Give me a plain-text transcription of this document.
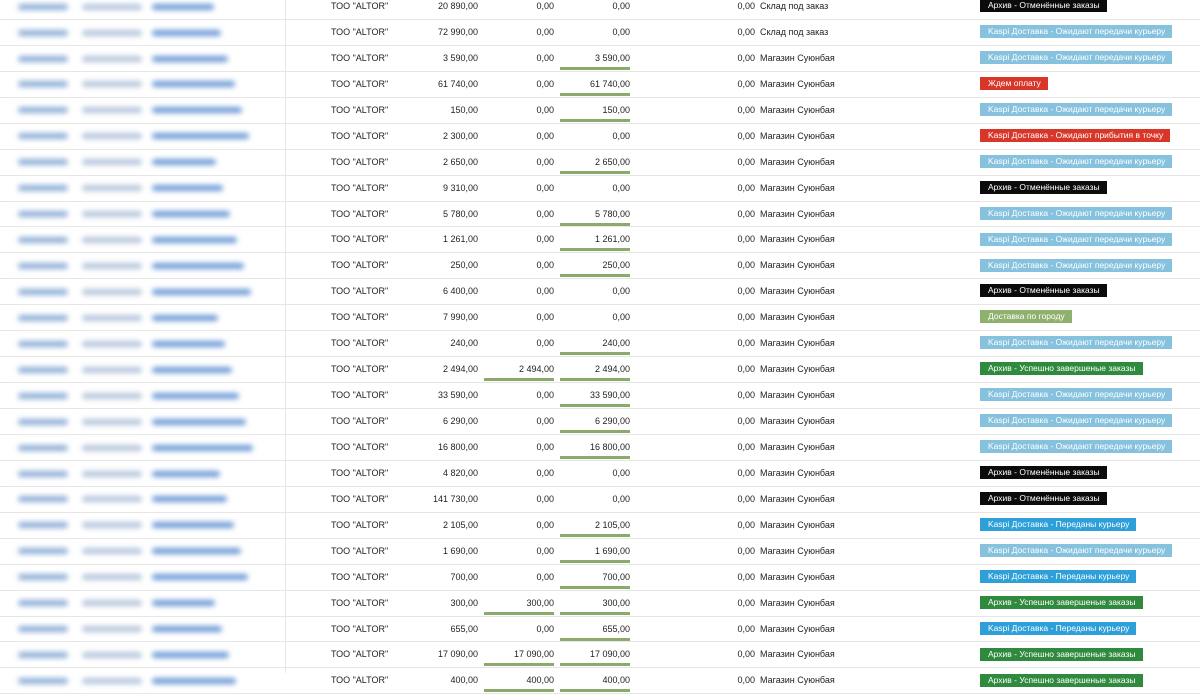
ТОО "ALTOR"	20 890,00	0,00	0,00	0,00 Склад под заказ	Архив - Отменённые заказы
ТОО "ALTOR"	72 990,00	0,00	0,00	0,00 Склад под заказ	Kaspi Доставка - Ожидают передачи курьеру
ТОО "ALTOR"	3 590,00	0,00	3 590,00	0,00 Магазин Суюнбая	Kaspi Доставка - Ожидают передачи курьеру
ТОО "ALTOR"	61 740,00	0,00	61 740,00	0,00 Магазин Суюнбая	Ждем оплату
ТОО "ALTOR"	150,00	0,00	150,00	0,00 Магазин Суюнбая	Kaspi Доставка - Ожидают передачи курьеру
ТОО "ALTOR"	2 300,00	0,00	0,00	0,00 Магазин Суюнбая	Kaspi Доставка - Ожидают прибытия в точку
ТОО "ALTOR"	2 650,00	0,00	2 650,00	0,00 Магазин Суюнбая	Kaspi Доставка - Ожидают передачи курьеру
ТОО "ALTOR"	9 310,00	0,00	0,00	0,00 Магазин Суюнбая	Архив - Отменённые заказы
ТОО "ALTOR"	5 780,00	0,00	5 780,00	0,00 Магазин Суюнбая	Kaspi Доставка - Ожидают передачи курьеру
ТОО "ALTOR"	1 261,00	0,00	1 261,00	0,00 Магазин Суюнбая	Kaspi Доставка - Ожидают передачи курьеру
ТОО "ALTOR"	250,00	0,00	250,00	0,00 Магазин Суюнбая	Kaspi Доставка - Ожидают передачи курьеру
ТОО "ALTOR"	6 400,00	0,00	0,00	0,00 Магазин Суюнбая	Архив - Отменённые заказы
ТОО "ALTOR"	7 990,00	0,00	0,00	0,00 Магазин Суюнбая	Доставка по городу
ТОО "ALTOR"	240,00	0,00	240,00	0,00 Магазин Суюнбая	Kaspi Доставка - Ожидают передачи курьеру
ТОО "ALTOR"	2 494,00	2 494,00	2 494,00	0,00 Магазин Суюнбая	Архив - Успешно завершеные заказы
ТОО "ALTOR"	33 590,00	0,00	33 590,00	0,00 Магазин Суюнбая	Kaspi Доставка - Ожидают передачи курьеру
ТОО "ALTOR"	6 290,00	0,00	6 290,00	0,00 Магазин Суюнбая	Kaspi Доставка - Ожидают передачи курьеру
ТОО "ALTOR"	16 800,00	0,00	16 800,00	0,00 Магазин Суюнбая	Kaspi Доставка - Ожидают передачи курьеру
ТОО "ALTOR"	4 820,00	0,00	0,00	0,00 Магазин Суюнбая	Архив - Отменённые заказы
ТОО "ALTOR"	141 730,00	0,00	0,00	0,00 Магазин Суюнбая	Архив - Отменённые заказы
ТОО "ALTOR"	2 105,00	0,00	2 105,00	0,00 Магазин Суюнбая	Kaspi Доставка - Переданы курьеру
ТОО "ALTOR"	1 690,00	0,00	1 690,00	0,00 Магазин Суюнбая	Kaspi Доставка - Ожидают передачи курьеру
ТОО "ALTOR"	700,00	0,00	700,00	0,00 Магазин Суюнбая	Kaspi Доставка - Переданы курьеру
ТОО "ALTOR"	300,00	300,00	300,00	0,00 Магазин Суюнбая	Архив - Успешно завершеные заказы
ТОО "ALTOR"	655,00	0,00	655,00	0,00 Магазин Суюнбая	Kaspi Доставка - Переданы курьеру
ТОО "ALTOR"	17 090,00	17 090,00	17 090,00	0,00 Магазин Суюнбая	Архив - Успешно завершеные заказы
ТОО "ALTOR"	400,00	400,00	400,00	0,00 Магазин Суюнбая	Архив - Успешно завершеные заказы
